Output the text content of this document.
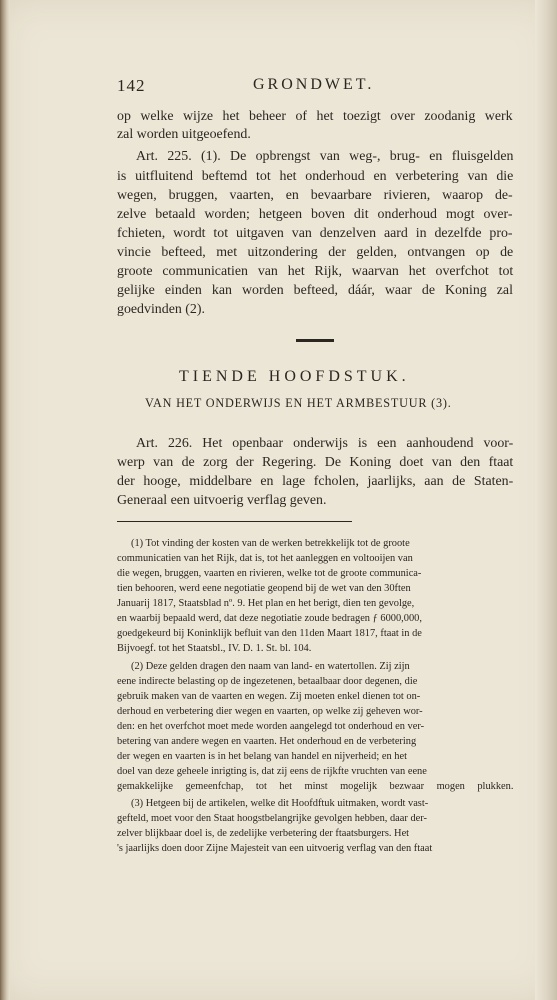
142	GRONDWET.
op welke wijze het beheer of het toezigt over zoodanig werk
zal worden uitgeoefend.
Art. 225. (1). De opbrengst van weg-, brug- en fluisgelden
is uitfluitend beftemd tot het onderhoud en verbetering van die
wegen, bruggen, vaarten, en bevaarbare rivieren, waarop de-
zelve betaald worden; hetgeen boven dit onderhoud mogt over-
fchieten, wordt tot uitgaven van denzelven aard in dezelfde pro-
vincie befteed, met uitzondering der gelden, ontvangen op de
groote communicatien van het Rijk, waarvan het overfchot tot
gelijke einden kan worden befteed, dáár, waar de Koning zal
goedvinden (2).
TIENDE HOOFDSTUK.
VAN HET ONDERWIJS EN HET ARMBESTUUR (3).
Art. 226. Het openbaar onderwijs is een aanhoudend voor-
werp van de zorg der Regering. De Koning doet van den ftaat
der hooge, middelbare en lage fcholen, jaarlijks, aan de Staten-
Generaal een uitvoerig verflag geven.
(1) Tot vinding der kosten van de werken betrekkelijk tot de groote
communicatien van het Rijk, dat is, tot het aanleggen en voltooijen van
die wegen, bruggen, vaarten en rivieren, welke tot de groote communica-
tien behooren, werd eene negotiatie geopend bij de wet van den 30ften
Januarij 1817, Staatsblad nº. 9. Het plan en het berigt, dien ten gevolge,
en waarbij bepaald werd, dat deze negotiatie zoude bedragen ƒ 6000,000,
goedgekeurd bij Koninklijk befluit van den 11den Maart 1817, ftaat in de
Bijvoegf. tot het Staatsbl., IV. D. 1. St. bl. 104.
(2) Deze gelden dragen den naam van land- en watertollen. Zij zijn
eene indirecte belasting op de ingezetenen, betaalbaar door degenen, die
gebruik maken van de vaarten en wegen. Zij moeten enkel dienen tot on-
derhoud en verbetering dier wegen en vaarten, op welke zij geheven wor-
den: en het overfchot moet mede worden aangelegd tot onderhoud en ver-
betering van andere wegen en vaarten. Het onderhoud en de verbetering
der wegen en vaarten is in het belang van handel en nijverheid; en het
doel van deze geheele inrigting is, dat zij eens de rijkfte vruchten van eene
gemakkelijke gemeenfchap, tot het minst mogelijk bezwaar mogen plukken.
(3) Hetgeen bij de artikelen, welke dit Hoofdftuk uitmaken, wordt vast-
gefteld, moet voor den Staat hoogstbelangrijke gevolgen hebben, daar der-
zelver blijkbaar doel is, de zedelijke verbetering der ftaatsburgers. Het
's jaarlijks doen door Zijne Majesteit van een uitvoerig verflag van den ftaat
